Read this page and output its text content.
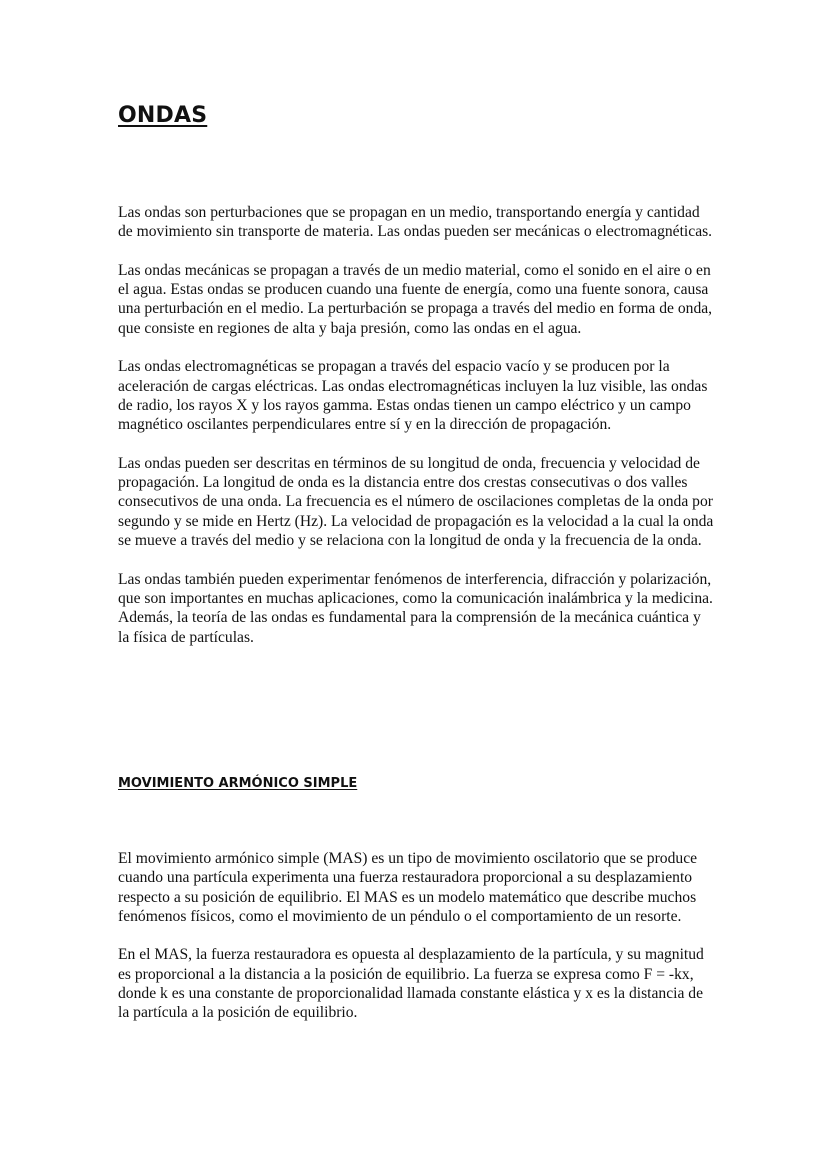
ONDAS

Las ondas son perturbaciones que se propagan en un medio, transportando energía y cantidad de movimiento sin transporte de materia. Las ondas pueden ser mecánicas o electromagnéticas.

Las ondas mecánicas se propagan a través de un medio material, como el sonido en el aire o en el agua. Estas ondas se producen cuando una fuente de energía, como una fuente sonora, causa una perturbación en el medio. La perturbación se propaga a través del medio en forma de onda, que consiste en regiones de alta y baja presión, como las ondas en el agua.

Las ondas electromagnéticas se propagan a través del espacio vacío y se producen por la aceleración de cargas eléctricas. Las ondas electromagnéticas incluyen la luz visible, las ondas de radio, los rayos X y los rayos gamma. Estas ondas tienen un campo eléctrico y un campo magnético oscilantes perpendiculares entre sí y en la dirección de propagación.

Las ondas pueden ser descritas en términos de su longitud de onda, frecuencia y velocidad de propagación. La longitud de onda es la distancia entre dos crestas consecutivas o dos valles consecutivos de una onda. La frecuencia es el número de oscilaciones completas de la onda por segundo y se mide en Hertz (Hz). La velocidad de propagación es la velocidad a la cual la onda se mueve a través del medio y se relaciona con la longitud de onda y la frecuencia de la onda.

Las ondas también pueden experimentar fenómenos de interferencia, difracción y polarización, que son importantes en muchas aplicaciones, como la comunicación inalámbrica y la medicina. Además, la teoría de las ondas es fundamental para la comprensión de la mecánica cuántica y la física de partículas.

MOVIMIENTO ARMÓNICO SIMPLE

El movimiento armónico simple (MAS) es un tipo de movimiento oscilatorio que se produce cuando una partícula experimenta una fuerza restauradora proporcional a su desplazamiento respecto a su posición de equilibrio. El MAS es un modelo matemático que describe muchos fenómenos físicos, como el movimiento de un péndulo o el comportamiento de un resorte.

En el MAS, la fuerza restauradora es opuesta al desplazamiento de la partícula, y su magnitud es proporcional a la distancia a la posición de equilibrio. La fuerza se expresa como F = -kx, donde k es una constante de proporcionalidad llamada constante elástica y x es la distancia de la partícula a la posición de equilibrio.
